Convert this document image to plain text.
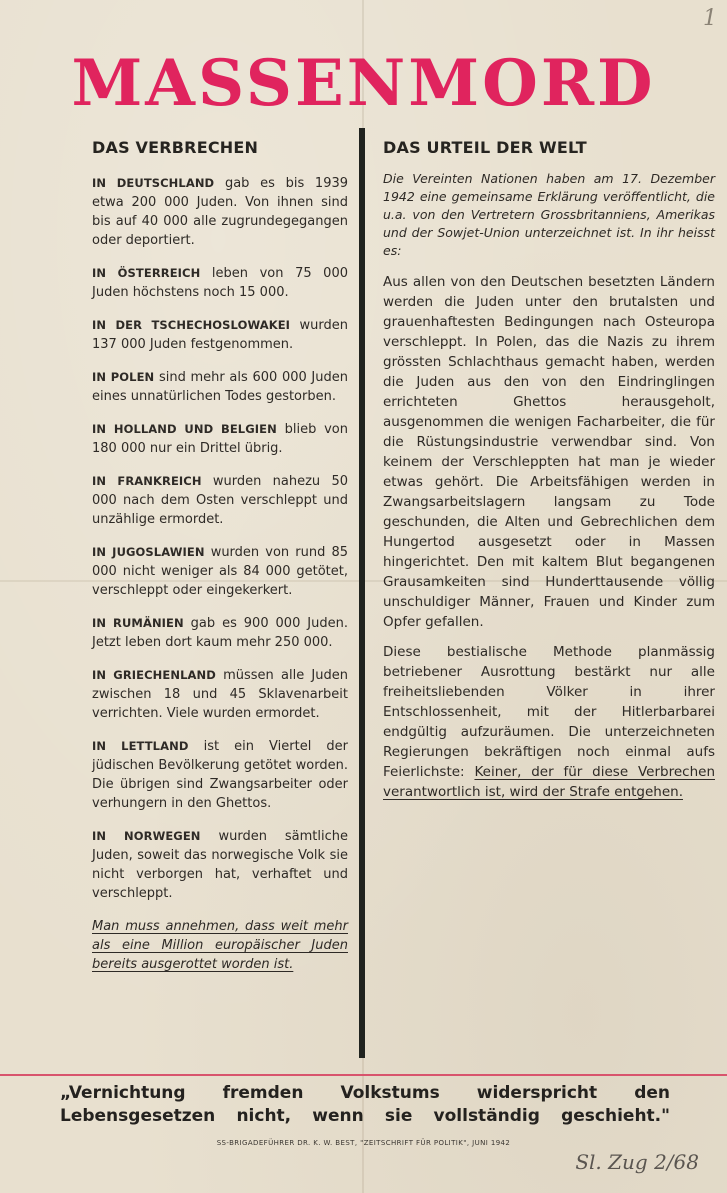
1
MASSENMORD
DAS VERBRECHEN

IN DEUTSCHLAND gab es bis 1939 etwa 200 000 Juden. Von ihnen sind bis auf 40 000 alle zugrundegegangen oder deportiert.

IN ÖSTERREICH leben von 75 000 Juden höchstens noch 15 000.

IN DER TSCHECHOSLOWAKEI wurden 137 000 Juden festgenommen.

IN POLEN sind mehr als 600 000 Juden eines unnatürlichen Todes gestorben.

IN HOLLAND UND BELGIEN blieb von 180 000 nur ein Drittel übrig.

IN FRANKREICH wurden nahezu 50 000 nach dem Osten verschleppt und unzählige ermordet.

IN JUGOSLAWIEN wurden von rund 85 000 nicht weniger als 84 000 getötet, verschleppt oder eingekerkert.

IN RUMÄNIEN gab es 900 000 Juden. Jetzt leben dort kaum mehr 250 000.

IN GRIECHENLAND müssen alle Juden zwischen 18 und 45 Sklavenarbeit verrichten. Viele wurden ermordet.

IN LETTLAND ist ein Viertel der jüdischen Bevölkerung getötet worden. Die übrigen sind Zwangsarbeiter oder verhungern in den Ghettos.

IN NORWEGEN wurden sämtliche Juden, soweit das norwegische Volk sie nicht verborgen hat, verhaftet und verschleppt.

Man muss annehmen, dass weit mehr als eine Million europäischer Juden bereits ausgerottet worden ist.

DAS URTEIL DER WELT

Die Vereinten Nationen haben am 17. Dezember 1942 eine gemeinsame Erklärung veröffentlicht, die u.a. von den Vertretern Grossbritanniens, Amerikas und der Sowjet-Union unterzeichnet ist. In ihr heisst es:

Aus allen von den Deutschen besetzten Ländern werden die Juden unter den brutalsten und grauenhaftesten Bedingungen nach Osteuropa verschleppt. In Polen, das die Nazis zu ihrem grössten Schlachthaus gemacht haben, werden die Juden aus den von den Eindringlingen errichteten Ghettos herausgeholt, ausgenommen die wenigen Facharbeiter, die für die Rüstungsindustrie verwendbar sind. Von keinem der Verschleppten hat man je wieder etwas gehört. Die Arbeitsfähigen werden in Zwangsarbeitslagern langsam zu Tode geschunden, die Alten und Gebrechlichen dem Hungertod ausgesetzt oder in Massen hingerichtet. Den mit kaltem Blut begangenen Grausamkeiten sind Hunderttausende völlig unschuldiger Männer, Frauen und Kinder zum Opfer gefallen.

Diese bestialische Methode planmässig betriebener Ausrottung bestärkt nur alle freiheitsliebenden Völker in ihrer Entschlossenheit, mit der Hitlerbarbarei endgültig aufzuräumen. Die unterzeichneten Regierungen bekräftigen noch einmal aufs Feierlichste: Keiner, der für diese Verbrechen verantwortlich ist, wird der Strafe entgehen.

„Vernichtung fremden Volkstums widerspricht den Lebensgesetzen nicht, wenn sie vollständig geschieht."
SS-BRIGADEFÜHRER DR. K. W. BEST, "ZEITSCHRIFT FÜR POLITIK", JUNI 1942
Sl. Zug 2/68
